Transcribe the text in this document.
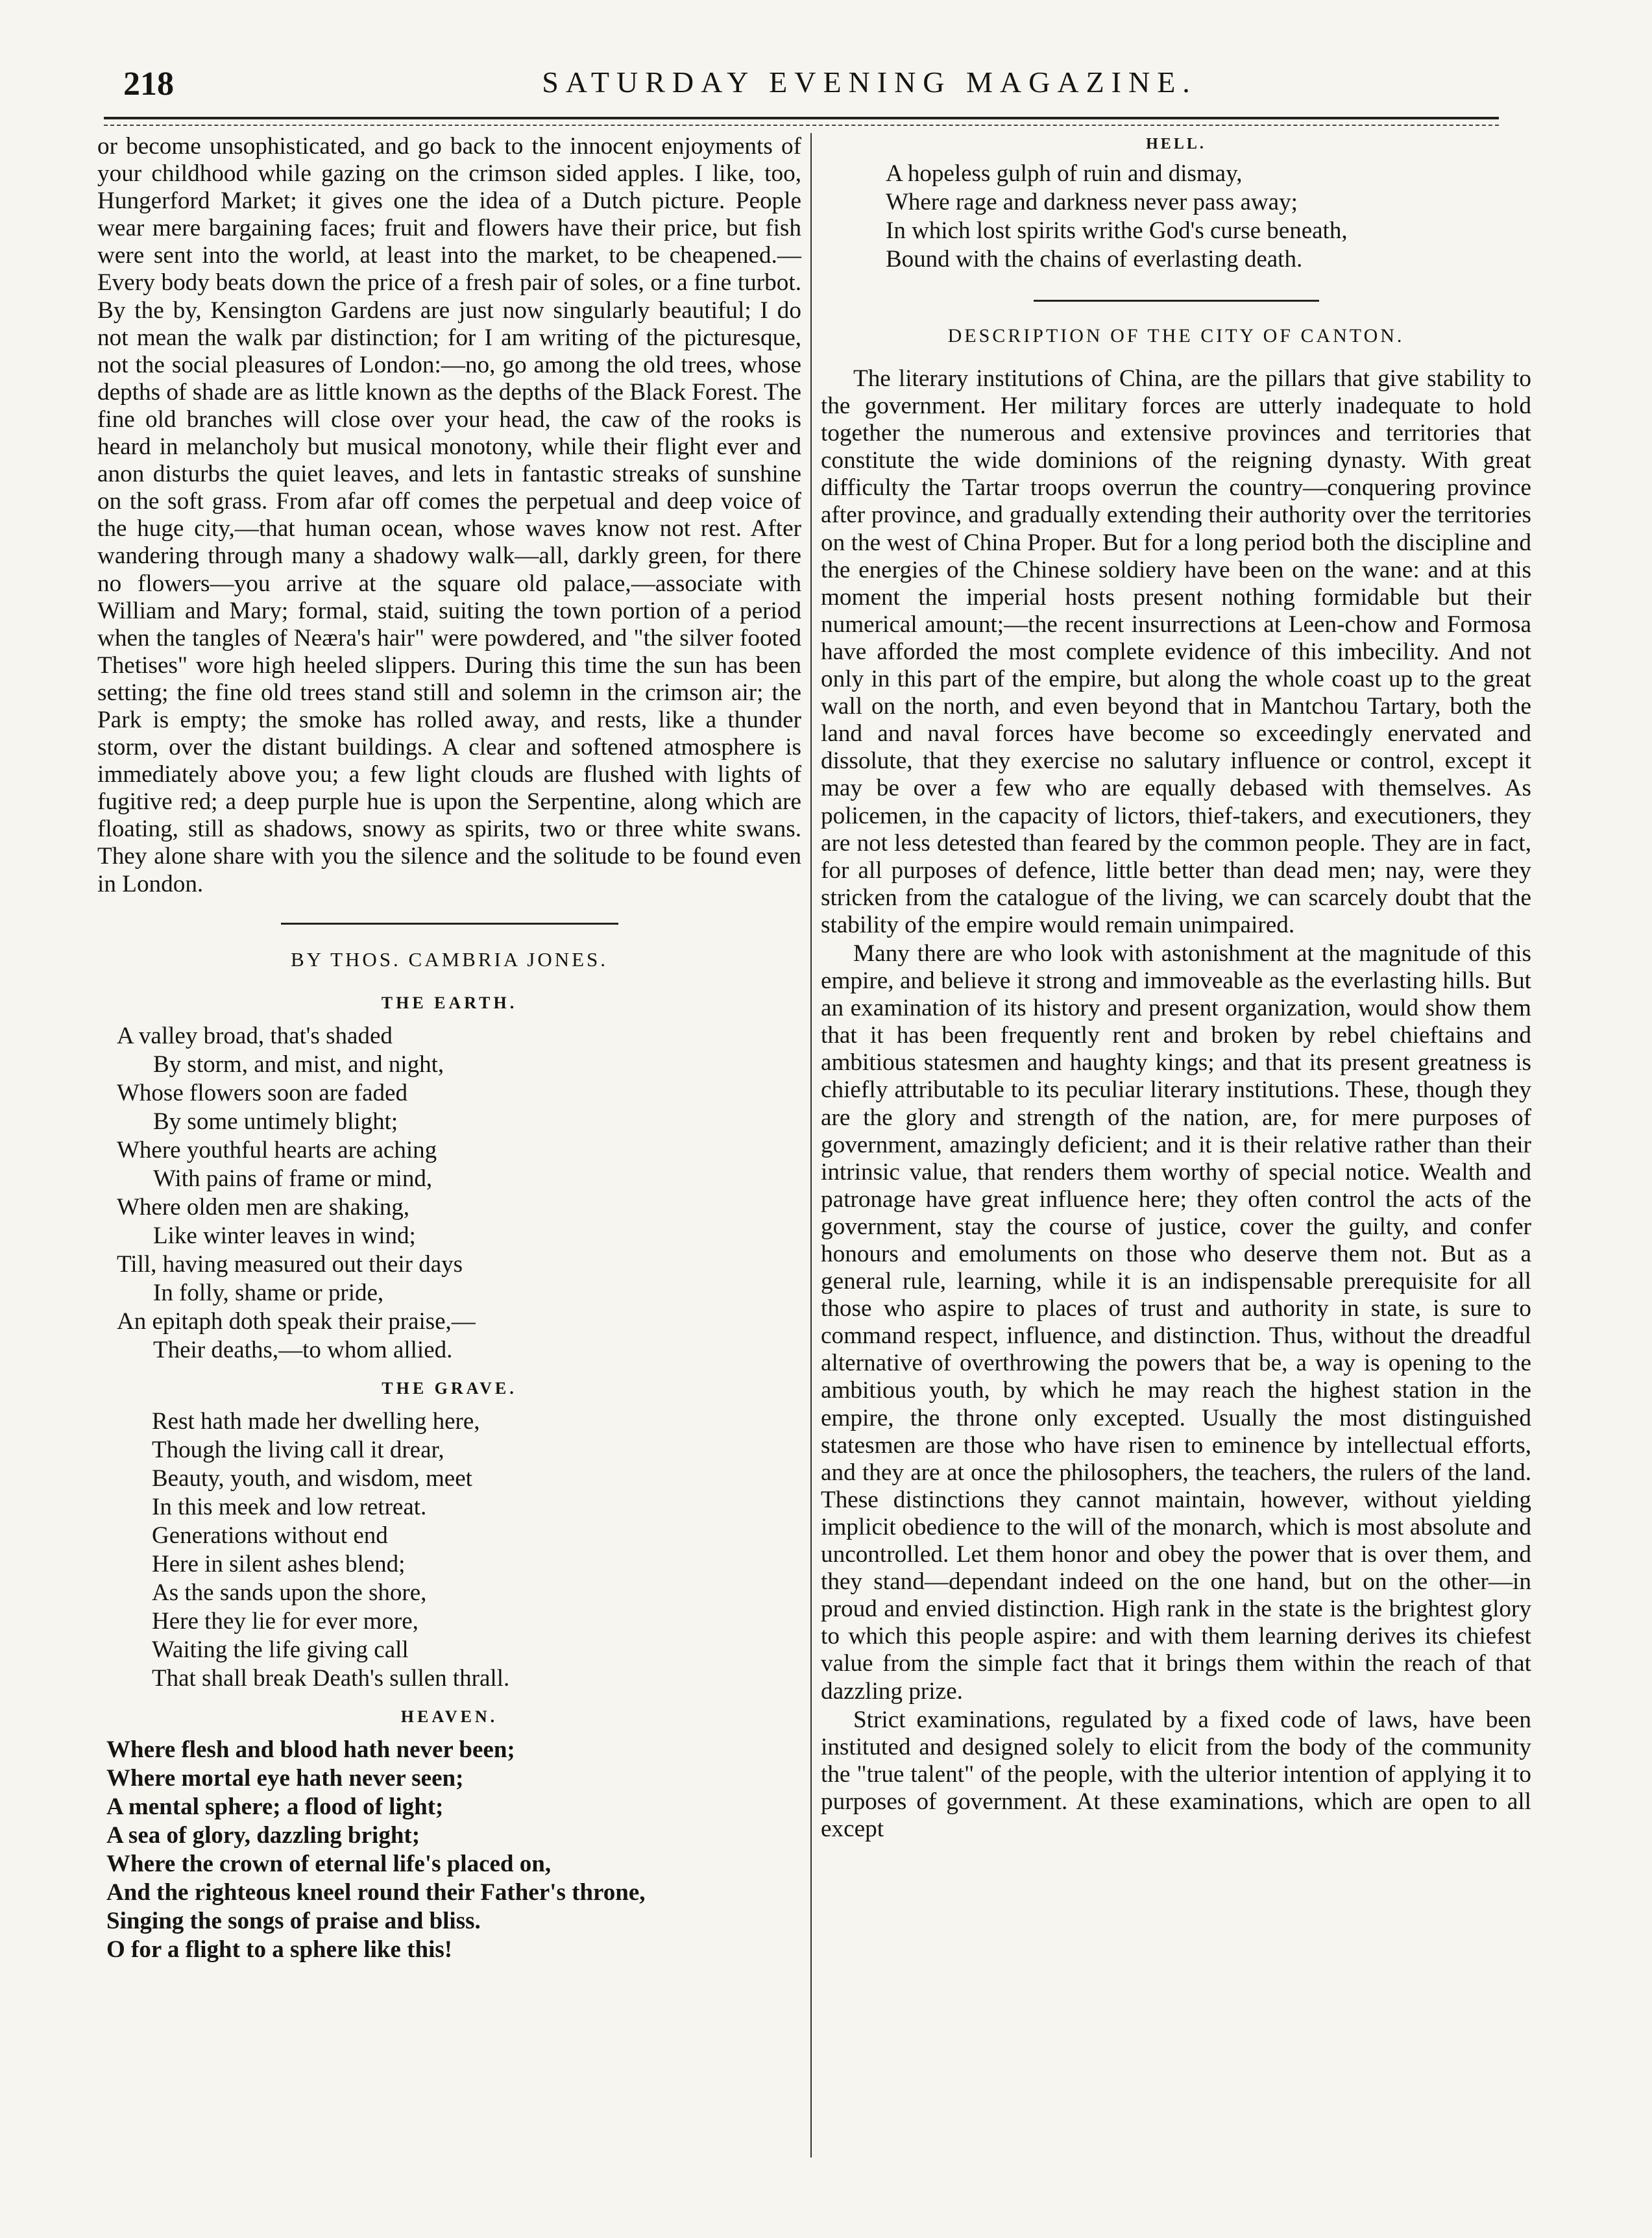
218	SATURDAY EVENING MAGAZINE.

or become unsophisticated, and go back to the innocent enjoyments of your childhood while gazing on the crimson sided apples. I like, too, Hungerford Market; it gives one the idea of a Dutch picture. People wear mere bargaining faces; fruit and flowers have their price, but fish were sent into the world, at least into the market, to be cheapened.—Every body beats down the price of a fresh pair of soles, or a fine turbot. By the by, Kensington Gardens are just now singularly beautiful; I do not mean the walk par distinction; for I am writing of the picturesque, not the social pleasures of London:—no, go among the old trees, whose depths of shade are as little known as the depths of the Black Forest. The fine old branches will close over your head, the caw of the rooks is heard in melancholy but musical monotony, while their flight ever and anon disturbs the quiet leaves, and lets in fantastic streaks of sunshine on the soft grass. From afar off comes the perpetual and deep voice of the huge city,—that human ocean, whose waves know not rest. After wandering through many a shadowy walk—all, darkly green, for there no flowers—you arrive at the square old palace,—associate with William and Mary; formal, staid, suiting the town portion of a period when the tangles of Neæra's hair" were powdered, and "the silver footed Thetises" wore high heeled slippers. During this time the sun has been setting; the fine old trees stand still and solemn in the crimson air; the Park is empty; the smoke has rolled away, and rests, like a thunder storm, over the distant buildings. A clear and softened atmosphere is immediately above you; a few light clouds are flushed with lights of fugitive red; a deep purple hue is upon the Serpentine, along which are floating, still as shadows, snowy as spirits, two or three white swans. They alone share with you the silence and the solitude to be found even in London.

BY THOS. CAMBRIA JONES.
THE EARTH.
A valley broad, that's shaded
By storm, and mist, and night,
Whose flowers soon are faded
By some untimely blight;
Where youthful hearts are aching
With pains of frame or mind,
Where olden men are shaking,
Like winter leaves in wind;
Till, having measured out their days
In folly, shame or pride,
An epitaph doth speak their praise,—
Their deaths,—to whom allied.
THE GRAVE.
Rest hath made her dwelling here,
Though the living call it drear,
Beauty, youth, and wisdom, meet
In this meek and low retreat.
Generations without end
Here in silent ashes blend;
As the sands upon the shore,
Here they lie for ever more,
Waiting the life giving call
That shall break Death's sullen thrall.
HEAVEN.
Where flesh and blood hath never been;
Where mortal eye hath never seen;
A mental sphere; a flood of light;
A sea of glory, dazzling bright;
Where the crown of eternal life's placed on,
And the righteous kneel round their Father's throne,
Singing the songs of praise and bliss.
O for a flight to a sphere like this!
HELL.
A hopeless gulph of ruin and dismay,
Where rage and darkness never pass away;
In which lost spirits writhe God's curse beneath,
Bound with the chains of everlasting death.
DESCRIPTION OF THE CITY OF CANTON.

The literary institutions of China, are the pillars that give stability to the government. Her military forces are utterly inadequate to hold together the numerous and extensive provinces and territories that constitute the wide dominions of the reigning dynasty. With great difficulty the Tartar troops overrun the country—conquering province after province, and gradually extending their authority over the territories on the west of China Proper. But for a long period both the discipline and the energies of the Chinese soldiery have been on the wane: and at this moment the imperial hosts present nothing formidable but their numerical amount;—the recent insurrections at Leen-chow and Formosa have afforded the most complete evidence of this imbecility. And not only in this part of the empire, but along the whole coast up to the great wall on the north, and even beyond that in Mantchou Tartary, both the land and naval forces have become so exceedingly enervated and dissolute, that they exercise no salutary influence or control, except it may be over a few who are equally debased with themselves. As policemen, in the capacity of lictors, thief-takers, and executioners, they are not less detested than feared by the common people. They are in fact, for all purposes of defence, little better than dead men; nay, were they stricken from the catalogue of the living, we can scarcely doubt that the stability of the empire would remain unimpaired.

Many there are who look with astonishment at the magnitude of this empire, and believe it strong and immoveable as the everlasting hills. But an examination of its history and present organization, would show them that it has been frequently rent and broken by rebel chieftains and ambitious statesmen and haughty kings; and that its present greatness is chiefly attributable to its peculiar literary institutions. These, though they are the glory and strength of the nation, are, for mere purposes of government, amazingly deficient; and it is their relative rather than their intrinsic value, that renders them worthy of special notice. Wealth and patronage have great influence here; they often control the acts of the government, stay the course of justice, cover the guilty, and confer honours and emoluments on those who deserve them not. But as a general rule, learning, while it is an indispensable prerequisite for all those who aspire to places of trust and authority in state, is sure to command respect, influence, and distinction. Thus, without the dreadful alternative of overthrowing the powers that be, a way is opening to the ambitious youth, by which he may reach the highest station in the empire, the throne only excepted. Usually the most distinguished statesmen are those who have risen to eminence by intellectual efforts, and they are at once the philosophers, the teachers, the rulers of the land. These distinctions they cannot maintain, however, without yielding implicit obedience to the will of the monarch, which is most absolute and uncontrolled. Let them honor and obey the power that is over them, and they stand—dependant indeed on the one hand, but on the other—in proud and envied distinction. High rank in the state is the brightest glory to which this people aspire: and with them learning derives its chiefest value from the simple fact that it brings them within the reach of that dazzling prize.

Strict examinations, regulated by a fixed code of laws, have been instituted and designed solely to elicit from the body of the community the "true talent" of the people, with the ulterior intention of applying it to purposes of government. At these examinations, which are open to all except
